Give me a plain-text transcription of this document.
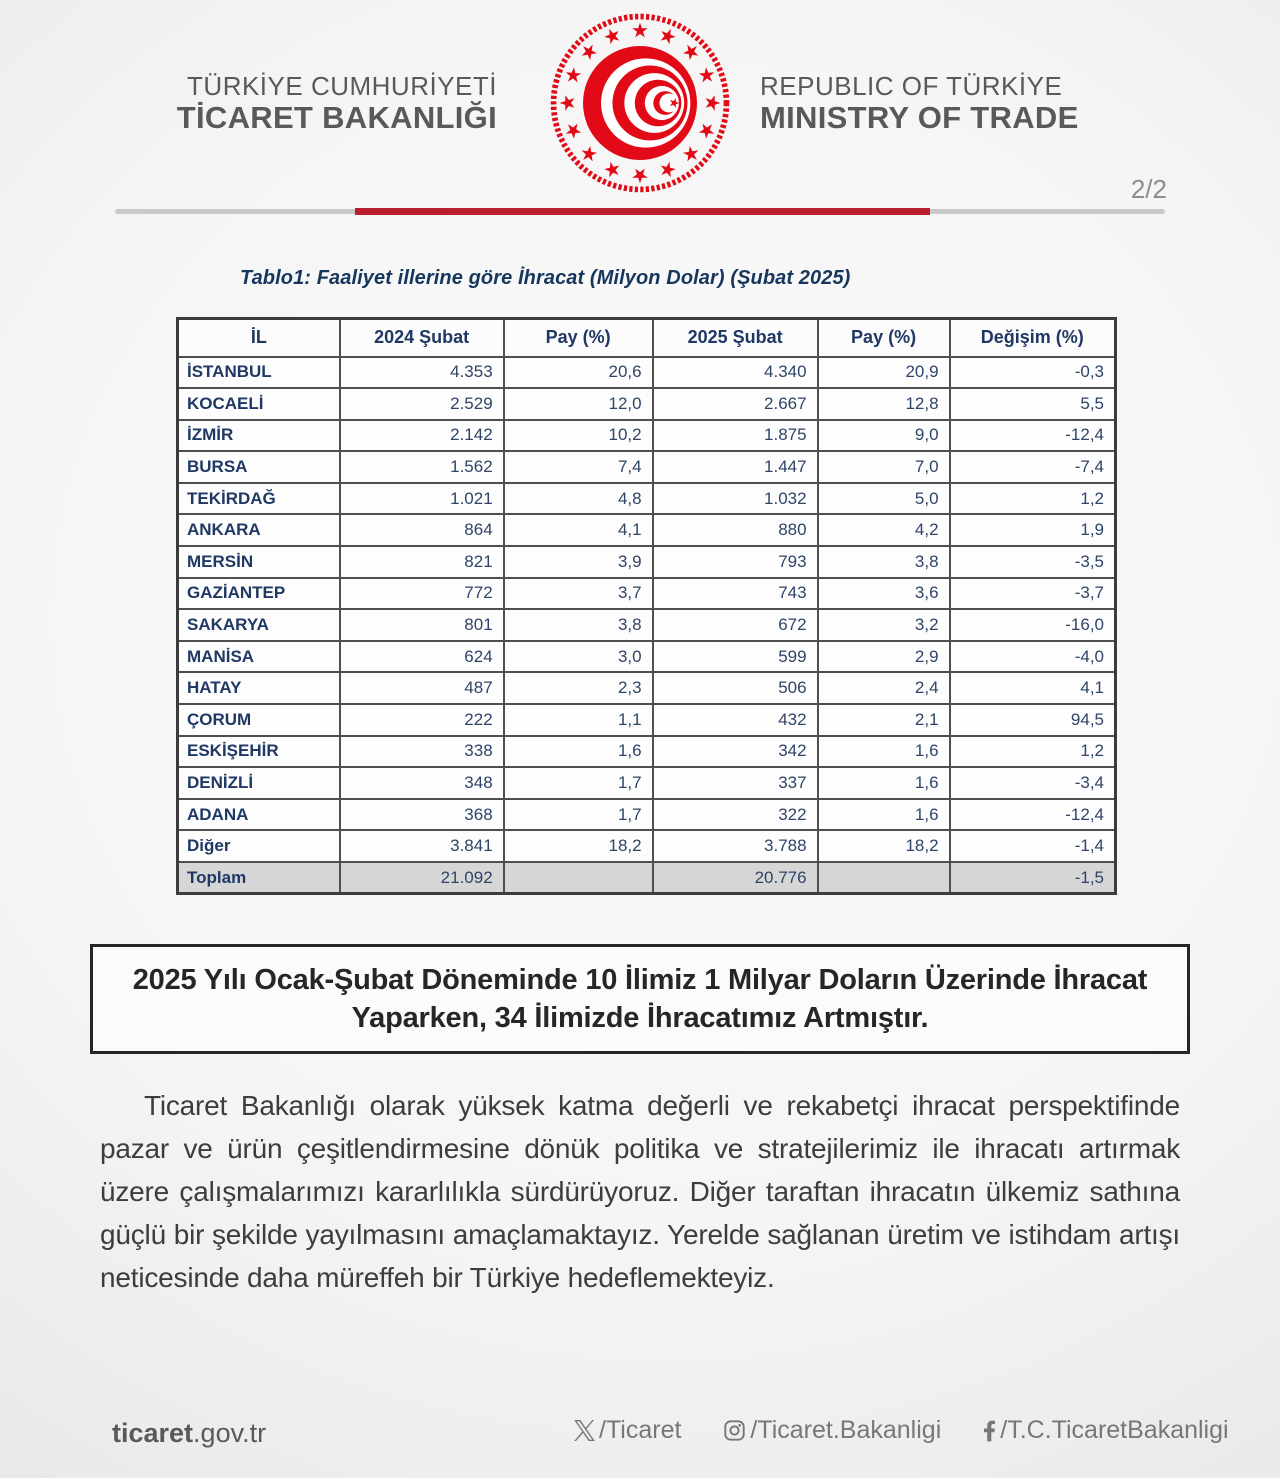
TÜRKİYE CUMHURİYETİ
TİCARET BAKANLIĞI
REPUBLIC OF TÜRKİYE
MINISTRY OF TRADE
2/2
Tablo1: Faaliyet illerine göre İhracat (Milyon Dolar) (Şubat 2025)
İL	2024 Şubat	Pay (%)	2025 Şubat	Pay (%)	Değişim (%)
İSTANBUL	4.353	20,6	4.340	20,9	-0,3
KOCAELİ	2.529	12,0	2.667	12,8	5,5
İZMİR	2.142	10,2	1.875	9,0	-12,4
BURSA	1.562	7,4	1.447	7,0	-7,4
TEKİRDAĞ	1.021	4,8	1.032	5,0	1,2
ANKARA	864	4,1	880	4,2	1,9
MERSİN	821	3,9	793	3,8	-3,5
GAZİANTEP	772	3,7	743	3,6	-3,7
SAKARYA	801	3,8	672	3,2	-16,0
MANİSA	624	3,0	599	2,9	-4,0
HATAY	487	2,3	506	2,4	4,1
ÇORUM	222	1,1	432	2,1	94,5
ESKİŞEHİR	338	1,6	342	1,6	1,2
DENİZLİ	348	1,7	337	1,6	-3,4
ADANA	368	1,7	322	1,6	-12,4
Diğer	3.841	18,2	3.788	18,2	-1,4
Toplam	21.092		20.776		-1,5
2025 Yılı Ocak-Şubat Döneminde 10 İlimiz 1 Milyar Doların Üzerinde İhracat Yaparken, 34 İlimizde İhracatımız Artmıştır.
Ticaret Bakanlığı olarak yüksek katma değerli ve rekabetçi ihracat perspektifinde pazar ve ürün çeşitlendirmesine dönük politika ve stratejilerimiz ile ihracatı artırmak üzere çalışmalarımızı kararlılıkla sürdürüyoruz. Diğer taraftan ihracatın ülkemiz sathına güçlü bir şekilde yayılmasını amaçlamaktayız. Yerelde sağlanan üretim ve istihdam artışı neticesinde daha müreffeh bir Türkiye hedeflemekteyiz.
ticaret.gov.tr	/Ticaret	/Ticaret.Bakanligi /T.C.TicaretBakanligi
